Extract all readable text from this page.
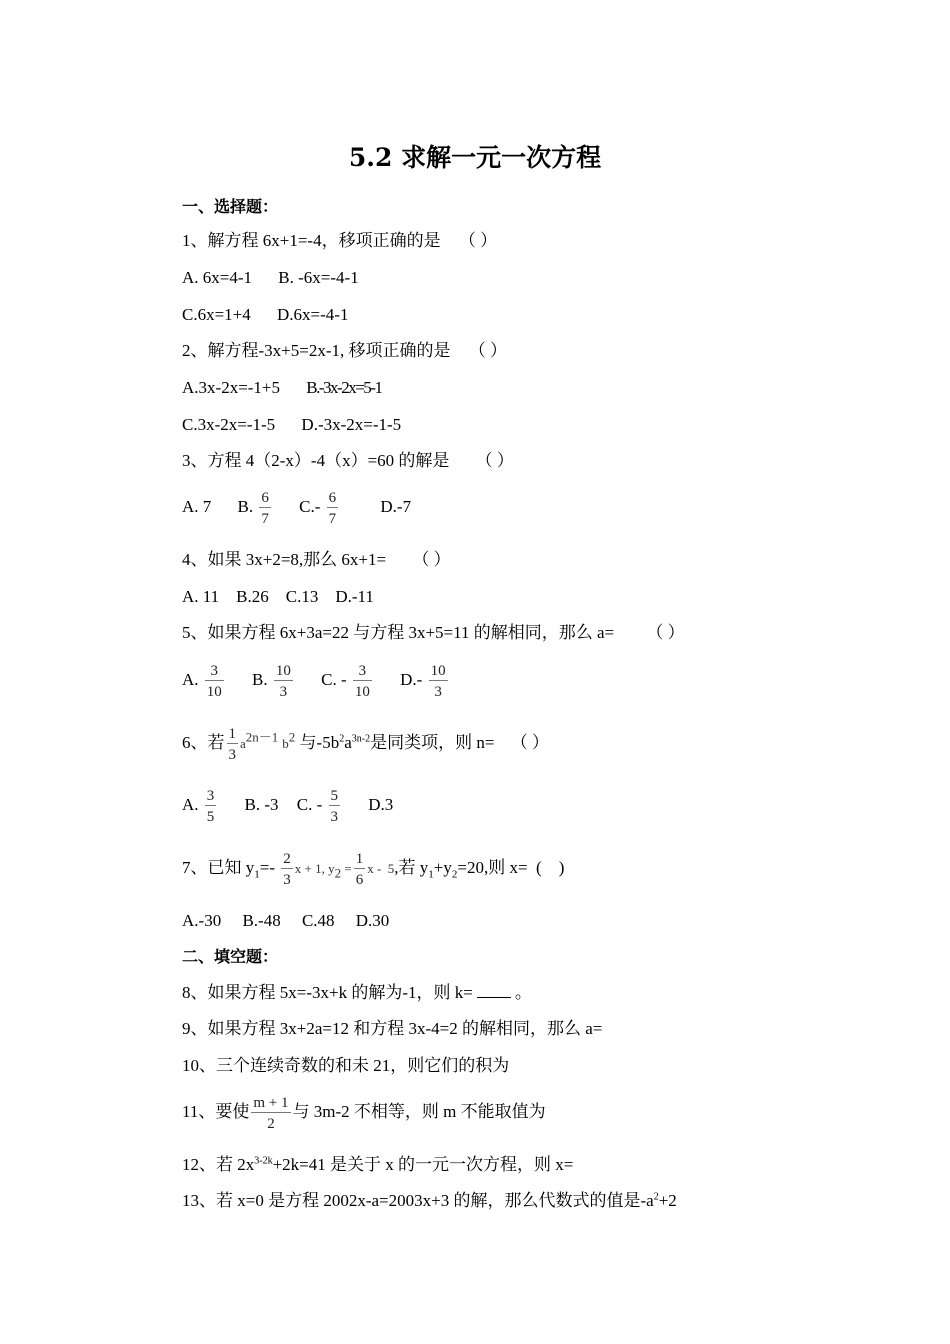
5.2 求解一元一次方程
一、选择题：
1、解方程 6x+1=-4，移项正确的是 （ ）
A. 6x=4-1 B. -6x=-4-1
C.6x=1+4 D.6x=-4-1
2、解方程-3x+5=2x-1, 移项正确的是 （ ）
A.3x-2x=-1+5 B.-3x-2x=5-1
C.3x-2x=-1-5 D.-3x-2x=-1-5
3、方程 4（2-x）-4（x）=60 的解是 （ ）
A. 7 B. $\frac{6}{7} C.- \frac{6}{7} D.-7$
4、如果 3x+2=8,那么 6x+1= （ ）
A. 11    B.26    C.13    D.-11
5、如果方程 6x+3a=22 与方程 3x+5=11 的解相同，那么 a= （ ）
A. $\frac{3}{10} B$. $\frac{10}{3} C$. - $\frac{3}{10} D.- \frac{10}{3}$
6、若 $\frac{1}{3} a^{2n-1}$ $b^2$ 与$-5b^2a^{3n-2}$是同类项，则 n= （ ）
A. $\frac{3}{5} B$. -3 C. - $\frac{5}{3} D.3$
7、已知 $y_1=- \frac{2}{3}$ x + 1, $y_2 = \frac{1}{6}$ x -  5,若 $y_1+y_2=20$,则 x=  (    )
A.-30     B.-48     C.48     D.30
二、填空题：
8、如果方程 5x=-3x+k 的解为-1，则 k= 。
9、如果方程 3x+2a=12 和方程 3x-4=2 的解相同，那么 a=
10、三个连续奇数的和未 21，则它们的积为
11、要使 $\frac{m + 1}{2}$ 与 3m-2 不相等，则 m 不能取值为
12、若 $2x^{3-2k}+2k=41$ 是关于 x 的一元一次方程，则 x=
13、若 x=0 是方程 2002x-a=2003x+3 的解，那么代数式的值是$-a^2+2$
